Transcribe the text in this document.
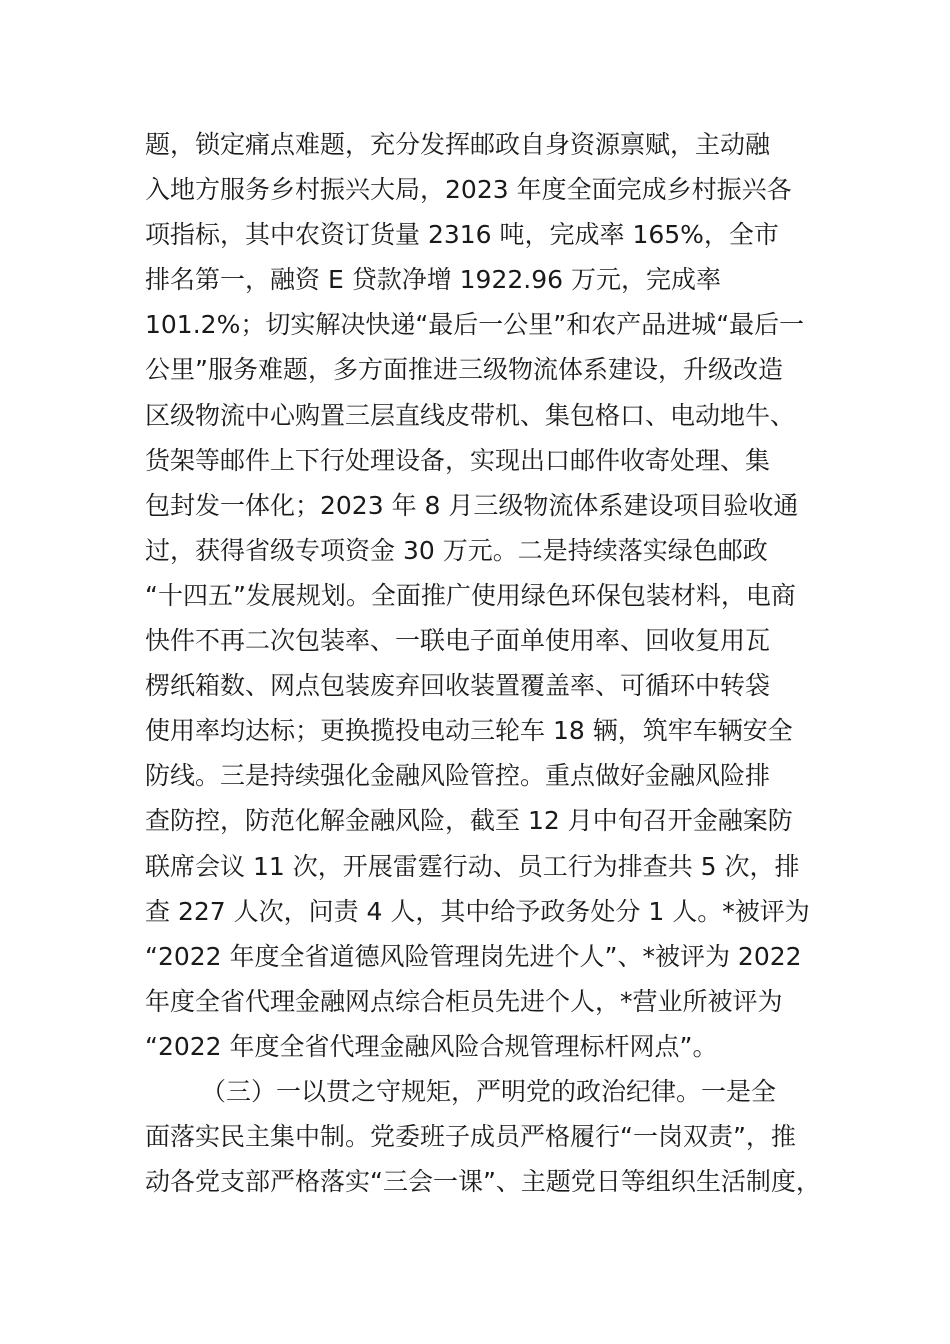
题，锁定痛点难题，充分发挥邮政自身资源禀赋，主动融
入地方服务乡村振兴大局，2023 年度全面完成乡村振兴各
项指标，其中农资订货量 2316 吨，完成率 165%，全市
排名第一，融资 E 贷款净增 1922.96 万元，完成率
101.2%；切实解决快递“最后一公里”和农产品进城“最后一
公里”服务难题，多方面推进三级物流体系建设，升级改造
区级物流中心购置三层直线皮带机、集包格口、电动地牛、
货架等邮件上下行处理设备，实现出口邮件收寄处理、集
包封发一体化；2023 年 8 月三级物流体系建设项目验收通
过，获得省级专项资金 30 万元。二是持续落实绿色邮政
“十四五”发展规划。全面推广使用绿色环保包装材料，电商
快件不再二次包装率、一联电子面单使用率、回收复用瓦
楞纸箱数、网点包装废弃回收装置覆盖率、可循环中转袋
使用率均达标；更换揽投电动三轮车 18 辆，筑牢车辆安全
防线。三是持续强化金融风险管控。重点做好金融风险排
查防控，防范化解金融风险，截至 12 月中旬召开金融案防
联席会议 11 次，开展雷霆行动、员工行为排查共 5 次，排
查 227 人次，问责 4 人，其中给予政务处分 1 人。*被评为
“2022 年度全省道德风险管理岗先进个人”、*被评为 2022
年度全省代理金融网点综合柜员先进个人，*营业所被评为
“2022 年度全省代理金融风险合规管理标杆网点”。
（三）一以贯之守规矩，严明党的政治纪律。一是全
面落实民主集中制。党委班子成员严格履行“一岗双责”，推
动各党支部严格落实“三会一课”、主题党日等组织生活制度，
